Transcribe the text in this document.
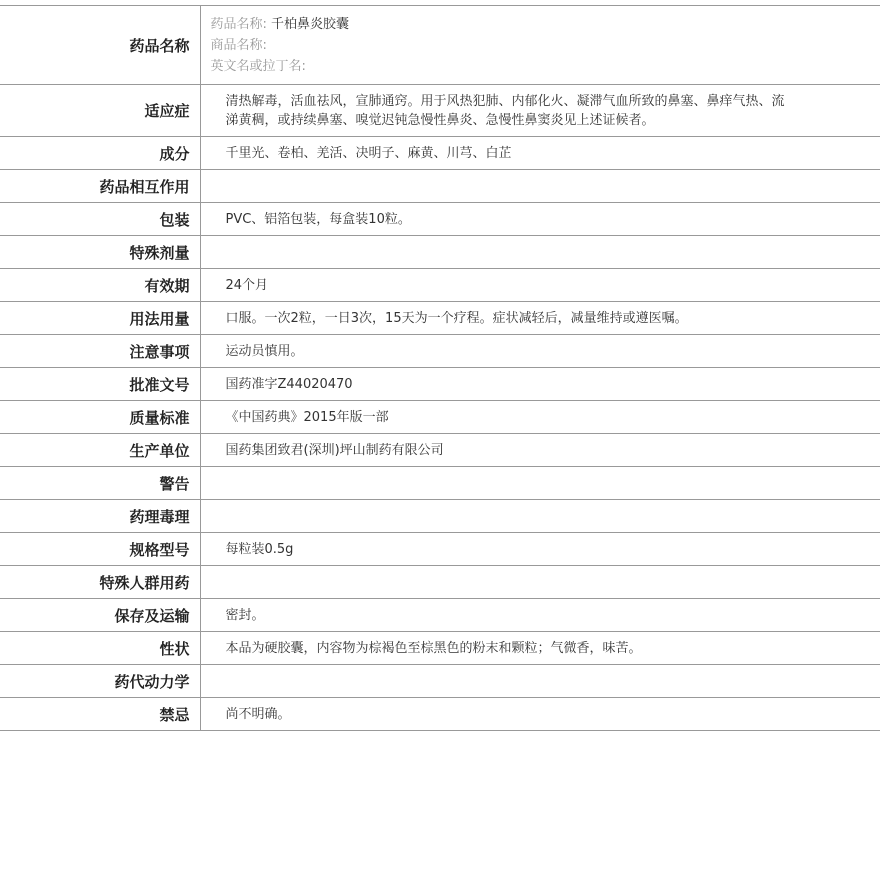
药品名称	药品名称: 千柏鼻炎胶囊
商品名称:
英文名或拉丁名:

适应症	清热解毒，活血祛风，宣肺通窍。用于风热犯肺、内郁化火、凝滞气血所致的鼻塞、鼻痒气热、流涕黄稠，或持续鼻塞、嗅觉迟钝急慢性鼻炎、急慢性鼻窦炎见上述证候者。
成分	千里光、卷柏、羌活、决明子、麻黄、川芎、白芷
药品相互作用	
包装	PVC、铝箔包装，每盒装10粒。
特殊剂量	
有效期	24个月
用法用量	口服。一次2粒，一日3次，15天为一个疗程。症状减轻后，减量维持或遵医嘱。
注意事项	运动员慎用。
批准文号	国药准字Z44020470
质量标准	《中国药典》2015年版一部
生产单位	国药集团致君(深圳)坪山制药有限公司
警告	
药理毒理	
规格型号	每粒装0.5g
特殊人群用药	
保存及运输	密封。
性状	本品为硬胶囊，内容物为棕褐色至棕黑色的粉末和颗粒；气微香，味苦。
药代动力学	
禁忌	尚不明确。
